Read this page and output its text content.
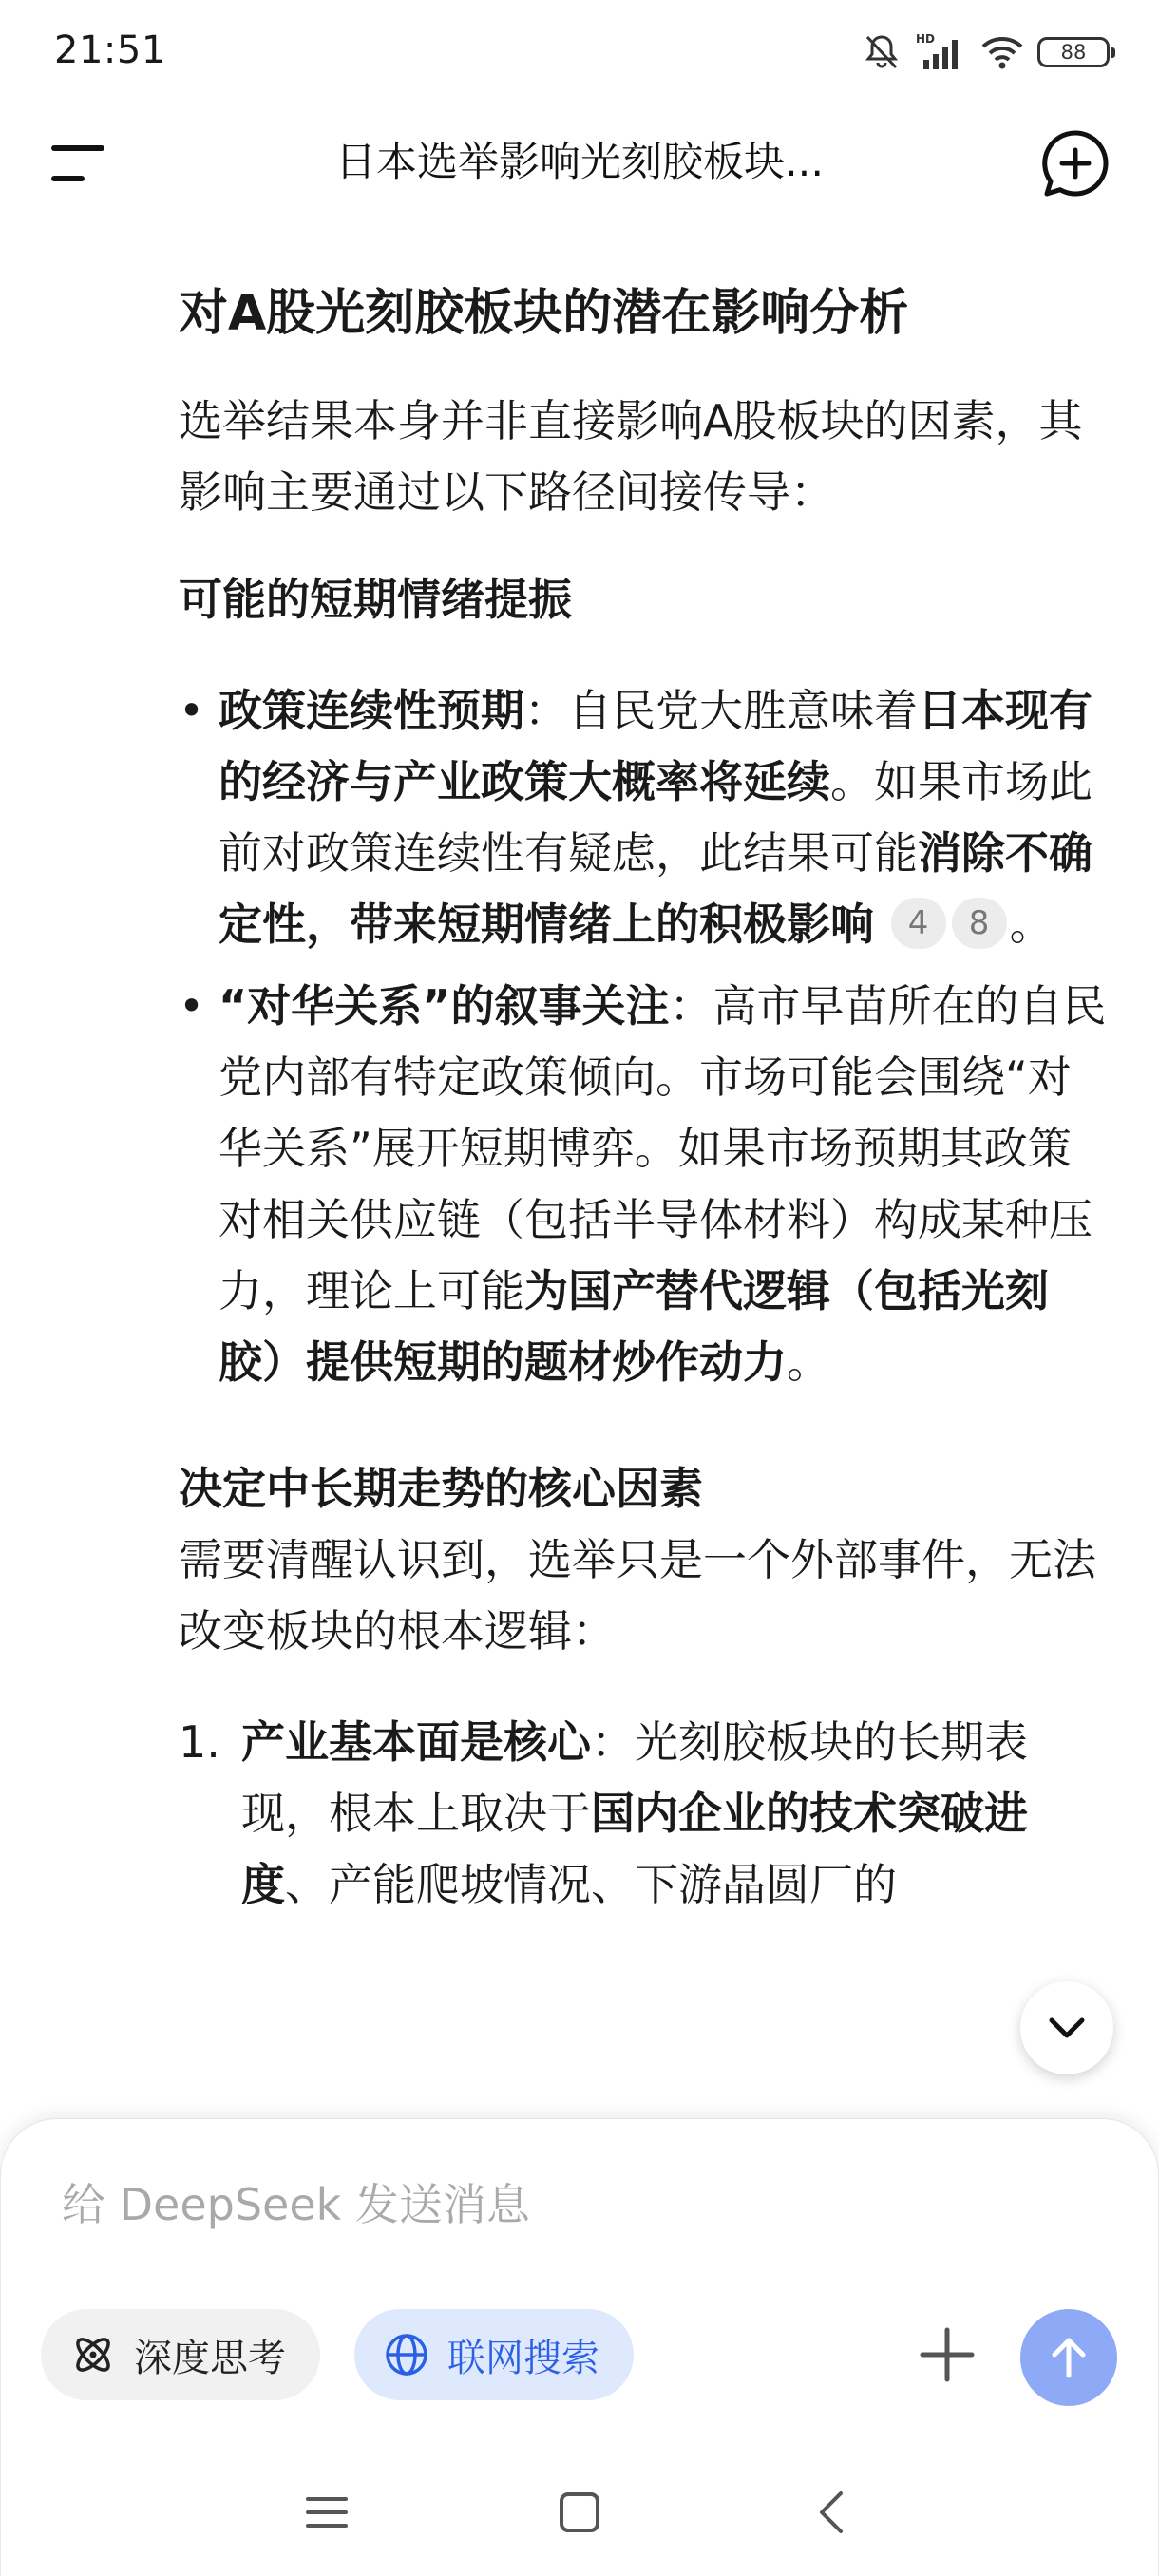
21:51	HD
88
日本选举影响光刻胶板块...
对A股光刻胶板块的潜在影响分析
选举结果本身并非直接影响A股板块的因素，其影响主要通过以下路径间接传导：
可能的短期情绪提振
• 政策连续性预期：自民党大胜意味着日本现有的经济与产业政策大概率将延续。如果市场此前对政策连续性有疑虑，此结果可能消除不确定性，带来短期情绪上的积极影响 4 8 。
• “对华关系”的叙事关注：高市早苗所在的自民党内部有特定政策倾向。市场可能会围绕“对华关系”展开短期博弈。如果市场预期其政策对相关供应链（包括半导体材料）构成某种压力，理论上可能为国产替代逻辑（包括光刻胶）提供短期的题材炒作动力。
决定中长期走势的核心因素
需要清醒认识到，选举只是一个外部事件，无法改变板块的根本逻辑：
1. 产业基本面是核心：光刻胶板块的长期表现，根本上取决于国内企业的技术突破进度、产能爬坡情况、下游晶圆厂的
给 DeepSeek 发送消息
深度思考	联网搜索
